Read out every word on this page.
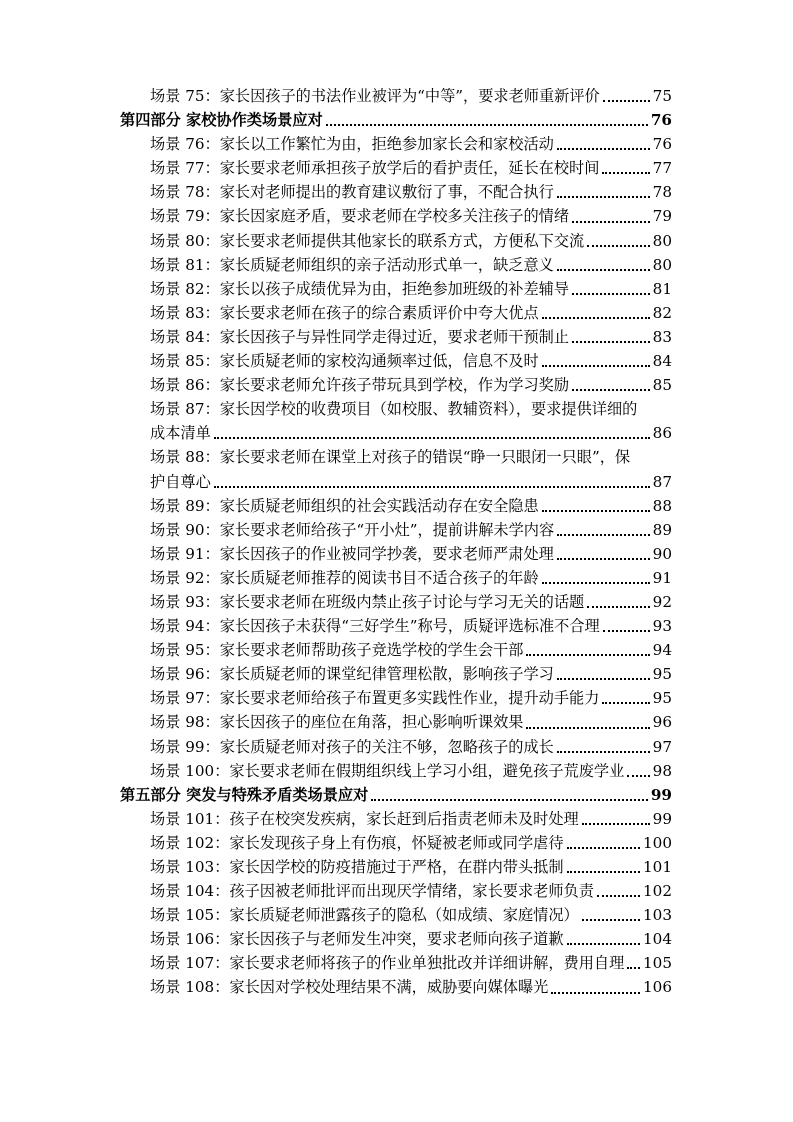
场景 75：家长因孩子的书法作业被评为“中等”，要求老师重新评价	75
第四部分 家校协作类场景应对	76
场景 76：家长以工作繁忙为由，拒绝参加家长会和家校活动	76
场景 77：家长要求老师承担孩子放学后的看护责任，延长在校时间	77
场景 78：家长对老师提出的教育建议敷衍了事，不配合执行	78
场景 79：家长因家庭矛盾，要求老师在学校多关注孩子的情绪	79
场景 80：家长要求老师提供其他家长的联系方式，方便私下交流	80
场景 81：家长质疑老师组织的亲子活动形式单一，缺乏意义	80
场景 82：家长以孩子成绩优异为由，拒绝参加班级的补差辅导	81
场景 83：家长要求老师在孩子的综合素质评价中夸大优点	82
场景 84：家长因孩子与异性同学走得过近，要求老师干预制止	83
场景 85：家长质疑老师的家校沟通频率过低，信息不及时	84
场景 86：家长要求老师允许孩子带玩具到学校，作为学习奖励	85
场景 87：家长因学校的收费项目（如校服、教辅资料），要求提供详细的
成本清单	86
场景 88：家长要求老师在课堂上对孩子的错误“睁一只眼闭一只眼”，保
护自尊心	87
场景 89：家长质疑老师组织的社会实践活动存在安全隐患	88
场景 90：家长要求老师给孩子“开小灶”，提前讲解未学内容	89
场景 91：家长因孩子的作业被同学抄袭，要求老师严肃处理	90
场景 92：家长质疑老师推荐的阅读书目不适合孩子的年龄	91
场景 93：家长要求老师在班级内禁止孩子讨论与学习无关的话题	92
场景 94：家长因孩子未获得“三好学生”称号，质疑评选标准不合理	93
场景 95：家长要求老师帮助孩子竞选学校的学生会干部	94
场景 96：家长质疑老师的课堂纪律管理松散，影响孩子学习	95
场景 97：家长要求老师给孩子布置更多实践性作业，提升动手能力	95
场景 98：家长因孩子的座位在角落，担心影响听课效果	96
场景 99：家长质疑老师对孩子的关注不够，忽略孩子的成长	97
场景 100：家长要求老师在假期组织线上学习小组，避免孩子荒废学业 98
第五部分 突发与特殊矛盾类场景应对	99
场景 101：孩子在校突发疾病，家长赶到后指责老师未及时处理	99
场景 102：家长发现孩子身上有伤痕，怀疑被老师或同学虐待	100
场景 103：家长因学校的防疫措施过于严格，在群内带头抵制	101
场景 104：孩子因被老师批评而出现厌学情绪，家长要求老师负责	102
场景 105：家长质疑老师泄露孩子的隐私（如成绩、家庭情况）	103
场景 106：家长因孩子与老师发生冲突，要求老师向孩子道歉	104
场景 107：家长要求老师将孩子的作业单独批改并详细讲解，费用自理 105
场景 108：家长因对学校处理结果不满，威胁要向媒体曝光	106
